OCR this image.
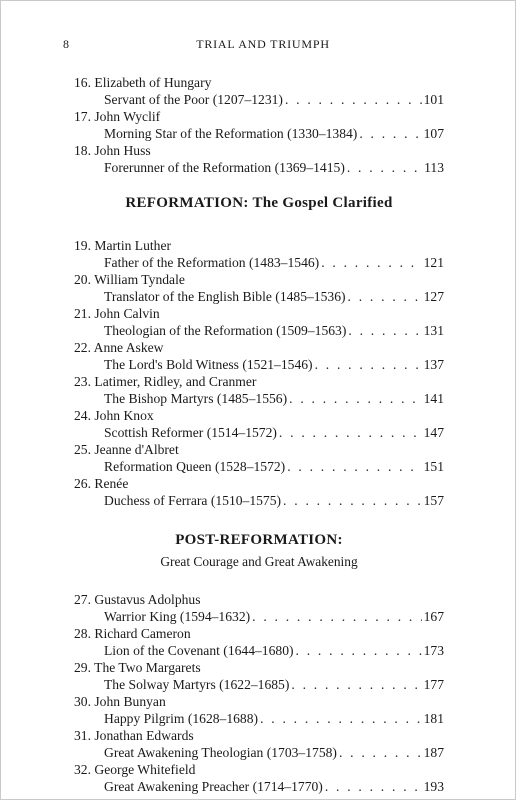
8	TRIAL AND TRIUMPH
16. Elizabeth of Hungary
Servant of the Poor (1207–1231) . . .	101
17. John Wyclif
Morning Star of the Reformation (1330–1384) . . .	107
18. John Huss
Forerunner of the Reformation (1369–1415) . . .	113
REFORMATION: The Gospel Clarified
19. Martin Luther
Father of the Reformation (1483–1546) . . .	121
20. William Tyndale
Translator of the English Bible (1485–1536) . . .	127
21. John Calvin
Theologian of the Reformation (1509–1563) . . .	131
22. Anne Askew
The Lord's Bold Witness (1521–1546) . . .	137
23. Latimer, Ridley, and Cranmer
The Bishop Martyrs (1485–1556) . . .	141
24. John Knox
Scottish Reformer (1514–1572) . . .	147
25. Jeanne d'Albret
Reformation Queen (1528–1572) . . .	151
26. Renée
Duchess of Ferrara (1510–1575) . . .	157
POST-REFORMATION:

Great Courage and Great Awakening

27. Gustavus Adolphus
Warrior King (1594–1632) . . .	167
28. Richard Cameron
Lion of the Covenant (1644–1680) . . .	173
29. The Two Margarets
The Solway Martyrs (1622–1685) . . .	177
30. John Bunyan
Happy Pilgrim (1628–1688) . . .	181
31. Jonathan Edwards
Great Awakening Theologian (1703–1758) . . .	187
32. George Whitefield
Great Awakening Preacher (1714–1770) . . .	193
